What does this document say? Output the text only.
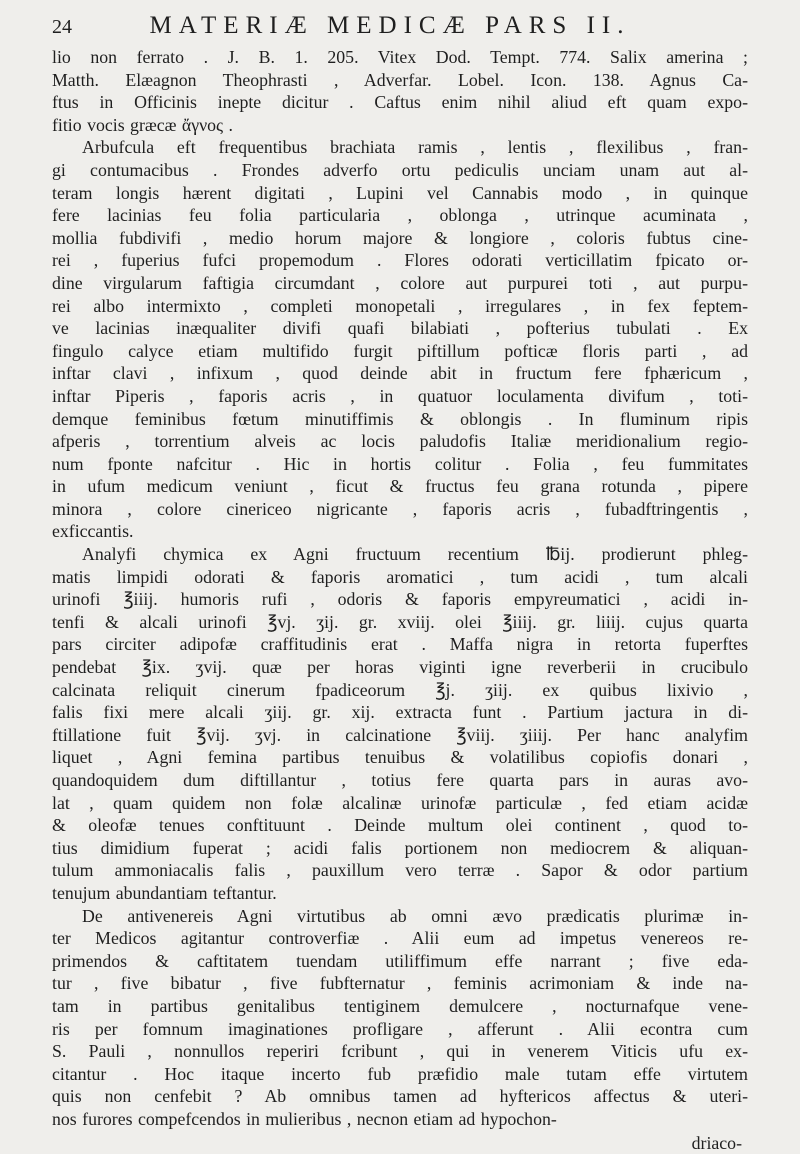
24	MATERIÆ MEDICÆ PARS II.
lio non ferrato . J. B. 1. 205. Vitex Dod. Tempt. 774. Salix amerina ;
Matth. Elæagnon Theophrasti , Adverfar. Lobel. Icon. 138. Agnus Ca-
ftus in Officinis inepte dicitur . Caftus enim nihil aliud eft quam expo-
fitio vocis græcæ ἄγνος .
Arbufcula eft frequentibus brachiata ramis , lentis , flexilibus , fran-
gi contumacibus . Frondes adverfo ortu pediculis unciam unam aut al-
teram longis hærent digitati , Lupini vel Cannabis modo , in quinque
fere lacinias feu folia particularia , oblonga , utrinque acuminata ,
mollia fubdivifi , medio horum majore & longiore , coloris fubtus cine-
rei , fuperius fufci propemodum . Flores odorati verticillatim fpicato or-
dine virgularum faftigia circumdant , colore aut purpurei toti , aut purpu-
rei albo intermixto , completi monopetali , irregulares , in fex feptem-
ve lacinias inæqualiter divifi quafi bilabiati , pofterius tubulati . Ex
fingulo calyce etiam multifido furgit piftillum pofticæ floris parti , ad
inftar clavi , infixum , quod deinde abit in fructum fere fphæricum ,
inftar Piperis , faporis acris , in quatuor loculamenta divifum , toti-
demque feminibus fœtum minutiffimis & oblongis . In fluminum ripis
afperis , torrentium alveis ac locis paludofis Italiæ meridionalium regio-
num fponte nafcitur . Hic in hortis colitur . Folia , feu fummitates
in ufum medicum veniunt , ficut & fructus feu grana rotunda , pipere
minora , colore cinericeo nigricante , faporis acris , fubadftringentis ,
exficcantis.
Analyfi chymica ex Agni fructuum recentium ℔ij. prodierunt phleg-
matis limpidi odorati & faporis aromatici , tum acidi , tum alcali
urinofi ℥iiij. humoris rufi , odoris & faporis empyreumatici , acidi in-
tenfi & alcali urinofi ℥vj. ʒij. gr. xviij. olei ℥iiij. gr. liiij. cujus quarta
pars circiter adipofæ craffitudinis erat . Maffa nigra in retorta fuperftes
pendebat ℥ix. ʒvij. quæ per horas viginti igne reverberii in crucibulo
calcinata reliquit cinerum fpadiceorum ℥j. ʒiij. ex quibus lixivio ,
falis fixi mere alcali ʒiij. gr. xij. extracta funt . Partium jactura in di-
ftillatione fuit ℥vij. ʒvj. in calcinatione ℥viij. ʒiiij. Per hanc analyfim
liquet , Agni femina partibus tenuibus & volatilibus copiofis donari ,
quandoquidem dum diftillantur , totius fere quarta pars in auras avo-
lat , quam quidem non folæ alcalinæ urinofæ particulæ , fed etiam acidæ
& oleofæ tenues conftituunt . Deinde multum olei continent , quod to-
tius dimidium fuperat ; acidi falis portionem non mediocrem & aliquan-
tulum ammoniacalis falis , pauxillum vero terræ . Sapor & odor partium
tenujum abundantiam teftantur.
De antivenereis Agni virtutibus ab omni ævo prædicatis plurimæ in-
ter Medicos agitantur controverfiæ . Alii eum ad impetus venereos re-
primendos & caftitatem tuendam utiliffimum effe narrant ; five eda-
tur , five bibatur , five fubfternatur , feminis acrimoniam & inde na-
tam in partibus genitalibus tentiginem demulcere , nocturnafque vene-
ris per fomnum imaginationes profligare , afferunt . Alii econtra cum
S. Pauli , nonnullos reperiri fcribunt , qui in venerem Viticis ufu ex-
citantur . Hoc itaque incerto fub præfidio male tutam effe virtutem
quis non cenfebit ? Ab omnibus tamen ad hyftericos affectus & uteri-
nos furores compefcendos in mulieribus , necnon etiam ad hypochon-
driaco-
